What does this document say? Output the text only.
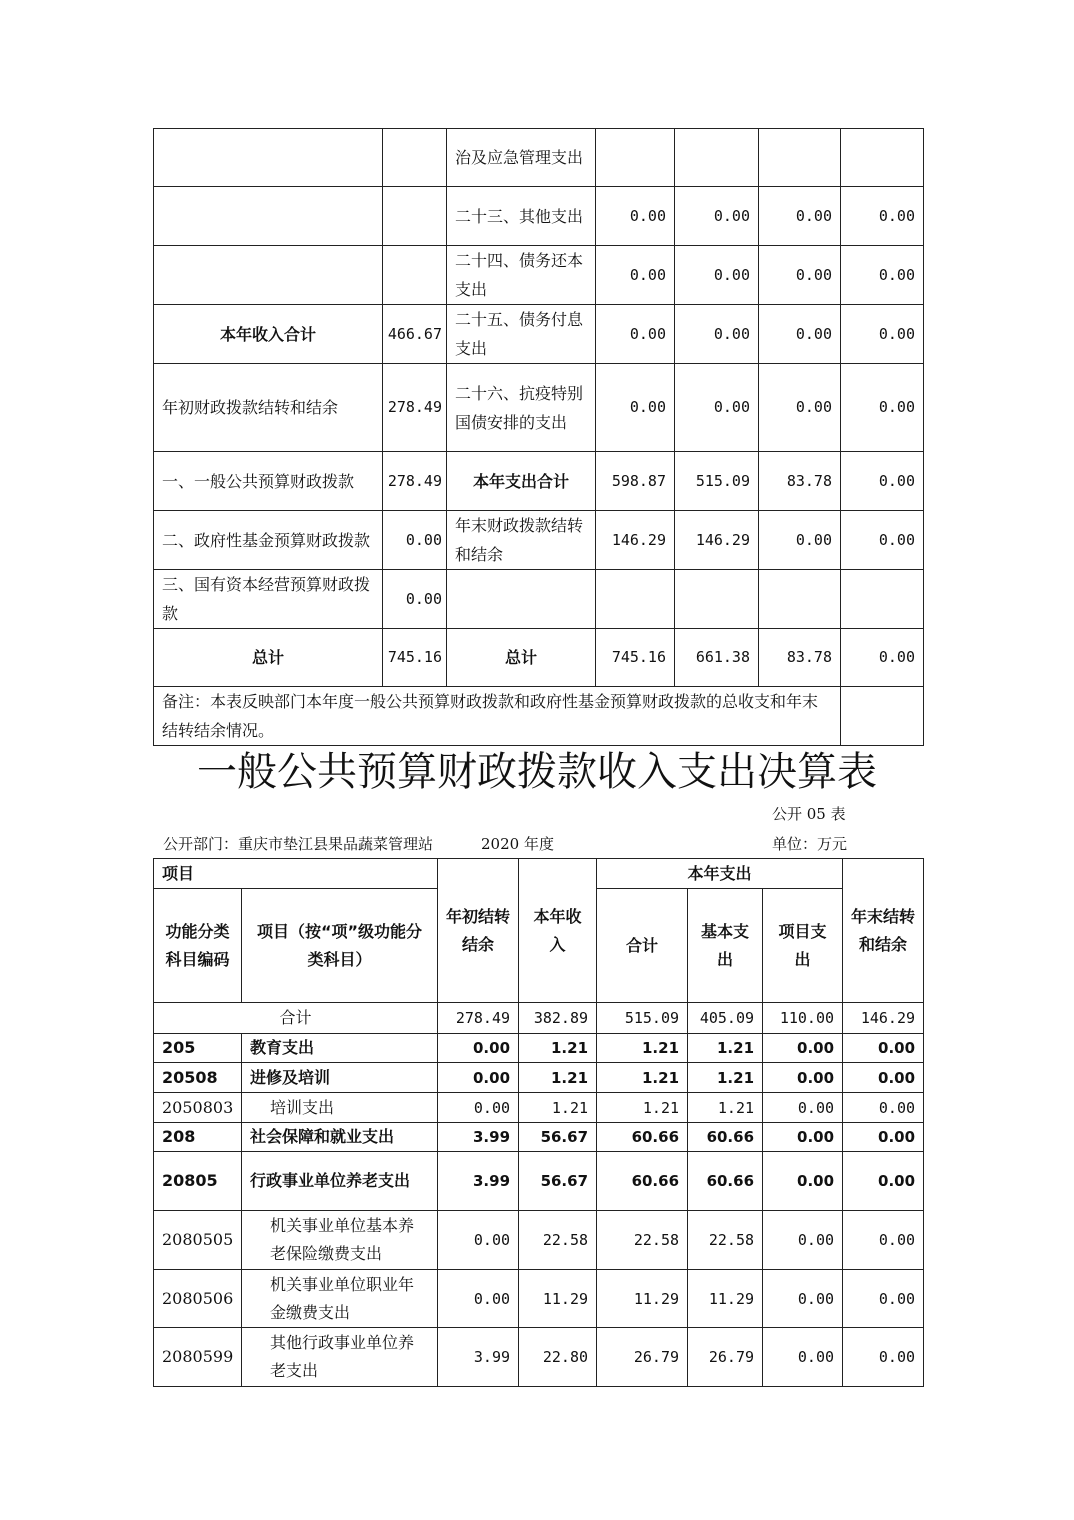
		治及应急管理支出				
		二十三、其他支出	0.00	0.00	0.00	0.00
		二十四、债务还本支出	0.00	0.00	0.00	0.00
本年收入合计	466.67	二十五、债务付息支出	0.00	0.00	0.00	0.00
年初财政拨款结转和结余	278.49	二十六、抗疫特别国债安排的支出	0.00	0.00	0.00	0.00
一、一般公共预算财政拨款	278.49	本年支出合计	598.87	515.09	83.78	0.00
二、政府性基金预算财政拨款	0.00	年末财政拨款结转和结余	146.29	146.29	0.00	0.00
三、国有资本经营预算财政拨款	0.00					
总计	745.16	总计	745.16	661.38	83.78	0.00
备注：本表反映部门本年度一般公共预算财政拨款和政府性基金预算财政拨款的总收支和年末结转结余情况。						
一般公共预算财政拨款收入支出决算表
公开 05 表
公开部门：重庆市垫江县果品蔬菜管理站	2020 年度	单位：万元
项目		年初结转结余	本年收入	本年支出			年末结转和结余
功能分类科目编码	项目（按“项”级功能分类科目）			合计	基本支出	项目支出	
合计		278.49	382.89	515.09	405.09	110.00	146.29
205	教育支出	0.00	1.21	1.21	1.21	0.00	0.00
20508	进修及培训	0.00	1.21	1.21	1.21	0.00	0.00
2050803	培训支出	0.00	1.21	1.21	1.21	0.00	0.00
208	社会保障和就业支出	3.99	56.67	60.66	60.66	0.00	0.00
20805	行政事业单位养老支出	3.99	56.67	60.66	60.66	0.00	0.00
2080505	机关事业单位基本养老保险缴费支出	0.00	22.58	22.58	22.58	0.00	0.00
2080506	机关事业单位职业年金缴费支出	0.00	11.29	11.29	11.29	0.00	0.00
2080599	其他行政事业单位养老支出	3.99	22.80	26.79	26.79	0.00	0.00
